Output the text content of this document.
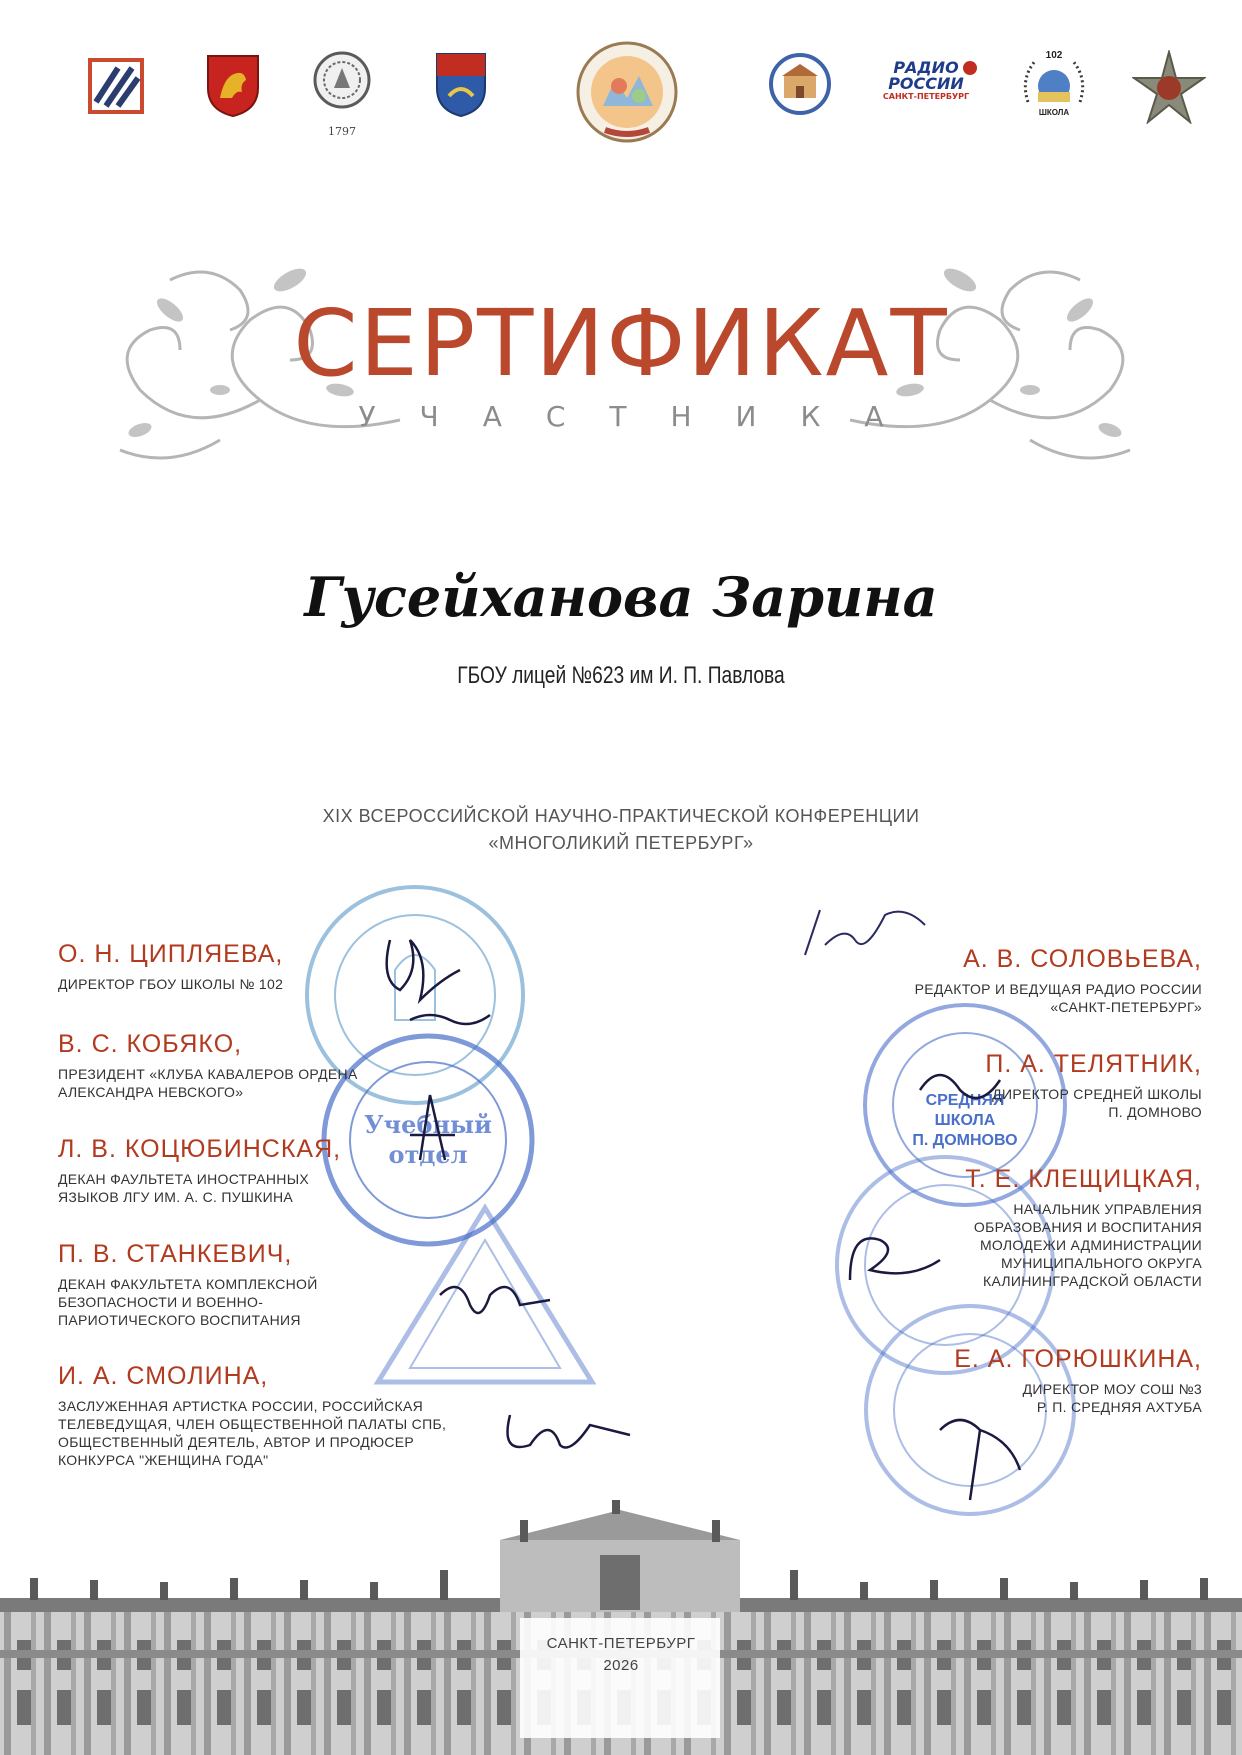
1797
РАДИО
РОССИИ
САНКТ-ПЕТЕРБУРГ
102
ШКОЛА
СЕРТИФИКАТ
УЧАСТНИКА
Гусейханова Зарина
ГБОУ лицей №623 им И. П. Павлова
XIX ВСЕРОССИЙСКОЙ НАУЧНО-ПРАКТИЧЕСКОЙ КОНФЕРЕНЦИИ
«МНОГОЛИКИЙ ПЕТЕРБУРГ»
Учебный
отдел
СРЕДНЯЯ
ШКОЛА
П. ДОМНОВО
О. Н. ЦИПЛЯЕВА,
ДИРЕКТОР ГБОУ ШКОЛЫ № 102
В. С. КОБЯКО,
ПРЕЗИДЕНТ «КЛУБА КАВАЛЕРОВ ОРДЕНА
АЛЕКСАНДРА НЕВСКОГО»
Л. В. КОЦЮБИНСКАЯ,
ДЕКАН ФАУЛЬТЕТА ИНОСТРАННЫХ
ЯЗЫКОВ ЛГУ ИМ. А. С. ПУШКИНА
П. В. СТАНКЕВИЧ,
ДЕКАН ФАКУЛЬТЕТА КОМПЛЕКСНОЙ
БЕЗОПАСНОСТИ И ВОЕННО-
ПАРИОТИЧЕСКОГО ВОСПИТАНИЯ
И. А. СМОЛИНА,
ЗАСЛУЖЕННАЯ АРТИСТКА РОССИИ, РОССИЙСКАЯ
ТЕЛЕВЕДУЩАЯ, ЧЛЕН ОБЩЕСТВЕННОЙ ПАЛАТЫ СПБ,
ОБЩЕСТВЕННЫЙ ДЕЯТЕЛЬ, АВТОР И ПРОДЮСЕР
КОНКУРСА "ЖЕНЩИНА ГОДА"
А. В. СОЛОВЬЕВА,
РЕДАКТОР И ВЕДУЩАЯ РАДИО РОССИИ
«САНКТ-ПЕТЕРБУРГ»
П. А. ТЕЛЯТНИК,
ДИРЕКТОР СРЕДНЕЙ ШКОЛЫ
П. ДОМНОВО
Т. Е. КЛЕЩИЦКАЯ,
НАЧАЛЬНИК УПРАВЛЕНИЯ
ОБРАЗОВАНИЯ И ВОСПИТАНИЯ
МОЛОДЕЖИ АДМИНИСТРАЦИИ
МУНИЦИПАЛЬНОГО ОКРУГА
КАЛИНИНГРАДСКОЙ ОБЛАСТИ
Е. А. ГОРЮШКИНА,
ДИРЕКТОР МОУ СОШ №3
Р. П. СРЕДНЯЯ АХТУБА
САНКТ-ПЕТЕРБУРГ
2026
